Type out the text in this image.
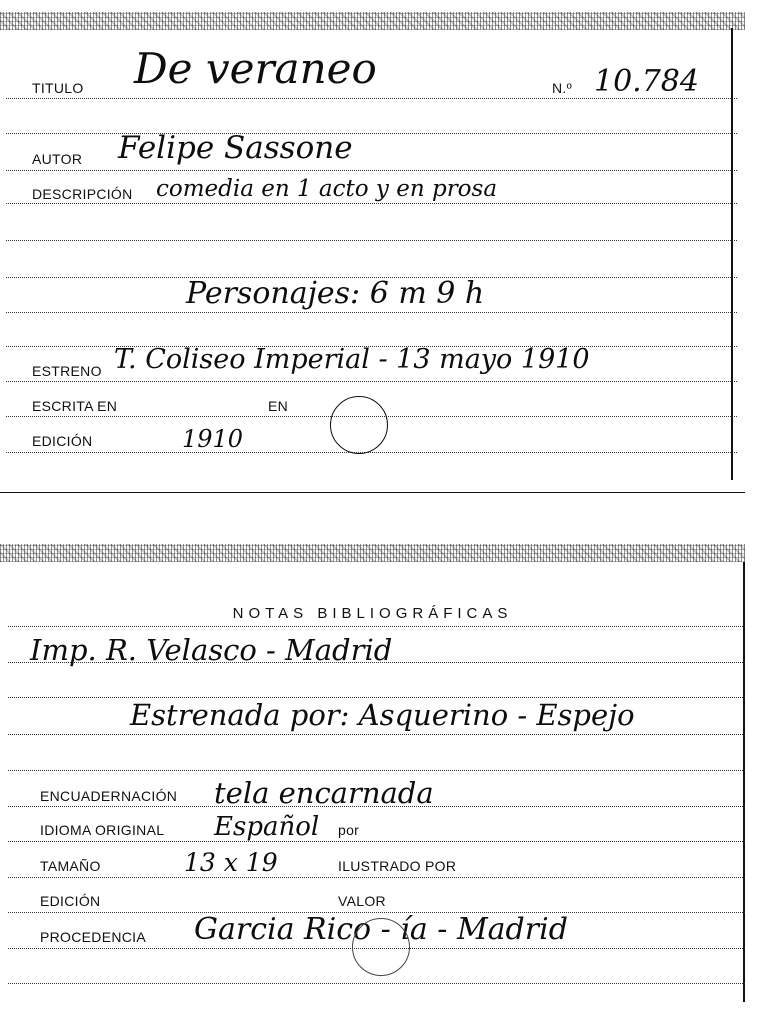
TITULO De veraneo	N.º 10.784
AUTOR Felipe Sassone
DESCRIPCIÓN comedia en 1 acto y en prosa
Personajes: 6 m 9 h
ESTRENO T. Coliseo Imperial - 13 mayo 1910
ESCRITA EN	EN
EDICIÓN	1910
NOTAS BIBLIOGRÁFICAS
Imp. R. Velasco - Madrid
Estrenada por: Asquerino - Espejo
ENCUADERNACIÓN tela encarnada
IDIOMA ORIGINAL Español por
TAMAÑO	13 x 19	ILUSTRADO POR
EDICIÓN	VALOR
PROCEDENCIA Garcia Rico - ía - Madrid
